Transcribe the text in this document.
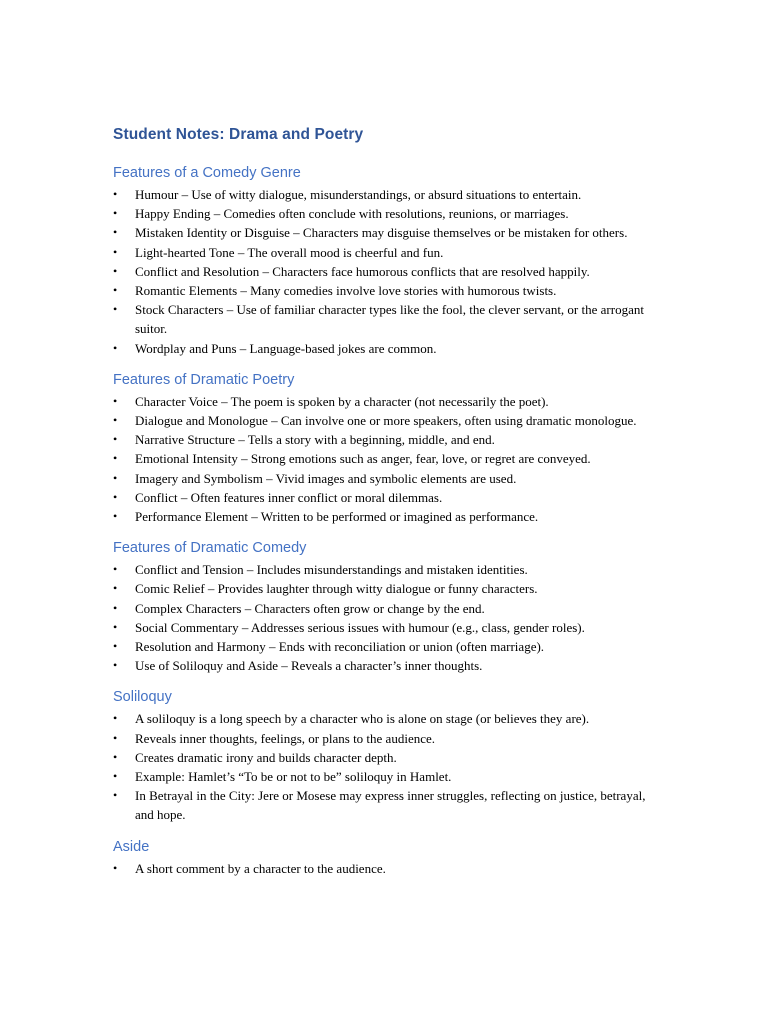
Student Notes: Drama and Poetry
Features of a Comedy Genre
• Humour – Use of witty dialogue, misunderstandings, or absurd situations to entertain.
• Happy Ending – Comedies often conclude with resolutions, reunions, or marriages.
• Mistaken Identity or Disguise – Characters may disguise themselves or be mistaken for others.
• Light-hearted Tone – The overall mood is cheerful and fun.
• Conflict and Resolution – Characters face humorous conflicts that are resolved happily.
• Romantic Elements – Many comedies involve love stories with humorous twists.
• Stock Characters – Use of familiar character types like the fool, the clever servant, or the arrogant suitor.
• Wordplay and Puns – Language-based jokes are common.
Features of Dramatic Poetry
• Character Voice – The poem is spoken by a character (not necessarily the poet).
• Dialogue and Monologue – Can involve one or more speakers, often using dramatic monologue.
• Narrative Structure – Tells a story with a beginning, middle, and end.
• Emotional Intensity – Strong emotions such as anger, fear, love, or regret are conveyed.
• Imagery and Symbolism – Vivid images and symbolic elements are used.
• Conflict – Often features inner conflict or moral dilemmas.
• Performance Element – Written to be performed or imagined as performance.
Features of Dramatic Comedy
• Conflict and Tension – Includes misunderstandings and mistaken identities.
• Comic Relief – Provides laughter through witty dialogue or funny characters.
• Complex Characters – Characters often grow or change by the end.
• Social Commentary – Addresses serious issues with humour (e.g., class, gender roles).
• Resolution and Harmony – Ends with reconciliation or union (often marriage).
• Use of Soliloquy and Aside – Reveals a character’s inner thoughts.
Soliloquy
• A soliloquy is a long speech by a character who is alone on stage (or believes they are).
• Reveals inner thoughts, feelings, or plans to the audience.
• Creates dramatic irony and builds character depth.
• Example: Hamlet’s “To be or not to be” soliloquy in Hamlet.
• In Betrayal in the City: Jere or Mosese may express inner struggles, reflecting on justice, betrayal, and hope.
Aside
• A short comment by a character to the audience.
